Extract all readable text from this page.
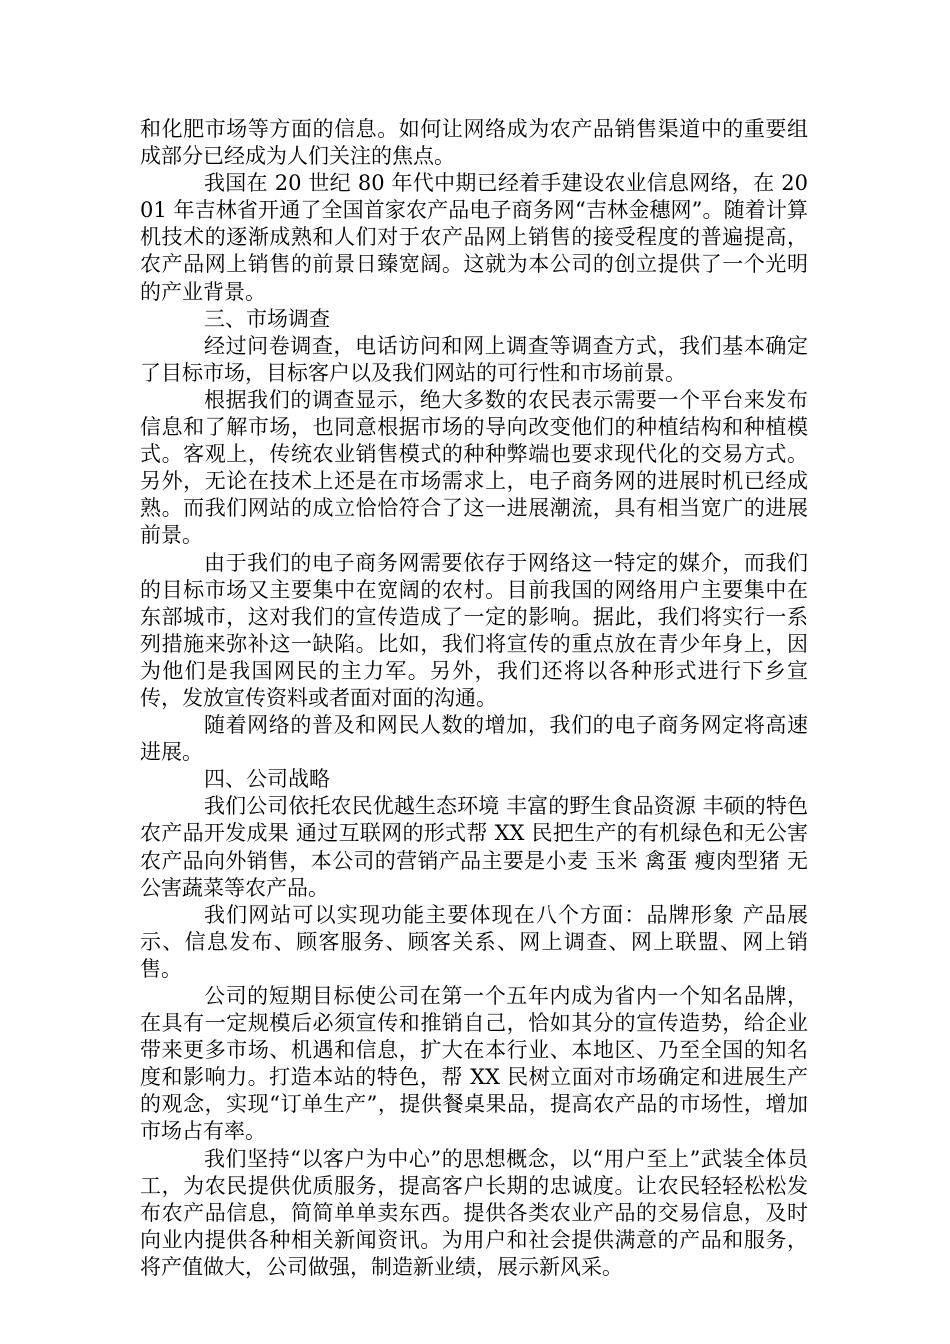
和化肥市场等方面的信息。如何让网络成为农产品销售渠道中的重要组成部分已经成为人们关注的焦点。

我国在 20 世纪 80 年代中期已经着手建设农业信息网络，在 2001 年吉林省开通了全国首家农产品电子商务网“吉林金穗网”。随着计算机技术的逐渐成熟和人们对于农产品网上销售的接受程度的普遍提高，农产品网上销售的前景日臻宽阔。这就为本公司的创立提供了一个光明的产业背景。

三、市场调查

经过问卷调查，电话访问和网上调查等调查方式，我们基本确定了目标市场，目标客户以及我们网站的可行性和市场前景。

根据我们的调查显示，绝大多数的农民表示需要一个平台来发布信息和了解市场，也同意根据市场的导向改变他们的种植结构和种植模式。客观上，传统农业销售模式的种种弊端也要求现代化的交易方式。另外，无论在技术上还是在市场需求上，电子商务网的进展时机已经成熟。而我们网站的成立恰恰符合了这一进展潮流，具有相当宽广的进展前景。

由于我们的电子商务网需要依存于网络这一特定的媒介，而我们的目标市场又主要集中在宽阔的农村。目前我国的网络用户主要集中在东部城市，这对我们的宣传造成了一定的影响。据此，我们将实行一系列措施来弥补这一缺陷。比如，我们将宣传的重点放在青少年身上，因为他们是我国网民的主力军。另外，我们还将以各种形式进行下乡宣传，发放宣传资料或者面对面的沟通。

随着网络的普及和网民人数的增加，我们的电子商务网定将高速进展。

四、公司战略

我们公司依托农民优越生态环境 丰富的野生食品资源 丰硕的特色农产品开发成果 通过互联网的形式帮 XX 民把生产的有机绿色和无公害农产品向外销售，本公司的营销产品主要是小麦 玉米 禽蛋 瘦肉型猪 无公害蔬菜等农产品。

我们网站可以实现功能主要体现在八个方面：品牌形象 产品展示、信息发布、顾客服务、顾客关系、网上调查、网上联盟、网上销售。

公司的短期目标使公司在第一个五年内成为省内一个知名品牌，在具有一定规模后必须宣传和推销自己，恰如其分的宣传造势，给企业带来更多市场、机遇和信息，扩大在本行业、本地区、乃至全国的知名度和影响力。打造本站的特色，帮 XX 民树立面对市场确定和进展生产的观念，实现“订单生产”，提供餐桌果品，提高农产品的市场性，增加市场占有率。

我们坚持“以客户为中心”的思想概念，以“用户至上”武装全体员工，为农民提供优质服务，提高客户长期的忠诚度。让农民轻轻松松发布农产品信息，简简单单卖东西。提供各类农业产品的交易信息，及时向业内提供各种相关新闻资讯。为用户和社会提供满意的产品和服务，将产值做大，公司做强，制造新业绩，展示新风采。
